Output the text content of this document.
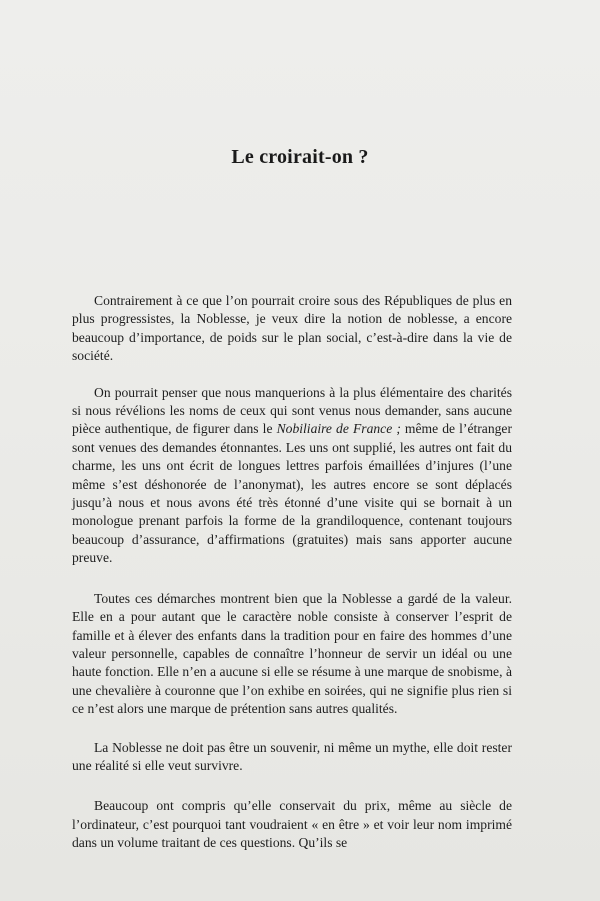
Le croirait-on ?

Contrairement à ce que l’on pourrait croire sous des Républiques de plus en plus progressistes, la Noblesse, je veux dire la notion de noblesse, a encore beaucoup d’importance, de poids sur le plan social, c’est-à-dire dans la vie de société.

On pourrait penser que nous manquerions à la plus élémentaire des charités si nous révélions les noms de ceux qui sont venus nous demander, sans aucune pièce authentique, de figurer dans le Nobiliaire de France ; même de l’étranger sont venues des demandes étonnantes. Les uns ont supplié, les autres ont fait du charme, les uns ont écrit de longues lettres parfois émaillées d’injures (l’une même s’est déshonorée de l’anonymat), les autres encore se sont déplacés jusqu’à nous et nous avons été très étonné d’une visite qui se bornait à un monologue prenant parfois la forme de la grandiloquence, contenant toujours beaucoup d’assurance, d’affirmations (gratuites) mais sans apporter aucune preuve.

Toutes ces démarches montrent bien que la Noblesse a gardé de la valeur. Elle en a pour autant que le caractère noble consiste à conserver l’esprit de famille et à élever des enfants dans la tradition pour en faire des hommes d’une valeur personnelle, capables de connaître l’honneur de servir un idéal ou une haute fonction. Elle n’en a aucune si elle se résume à une marque de snobisme, à une chevalière à couronne que l’on exhibe en soirées, qui ne signifie plus rien si ce n’est alors une marque de prétention sans autres qualités.

La Noblesse ne doit pas être un souvenir, ni même un mythe, elle doit rester une réalité si elle veut survivre.

Beaucoup ont compris qu’elle conservait du prix, même au siècle de l’ordinateur, c’est pourquoi tant voudraient « en être » et voir leur nom imprimé dans un volume traitant de ces questions. Qu’ils se
